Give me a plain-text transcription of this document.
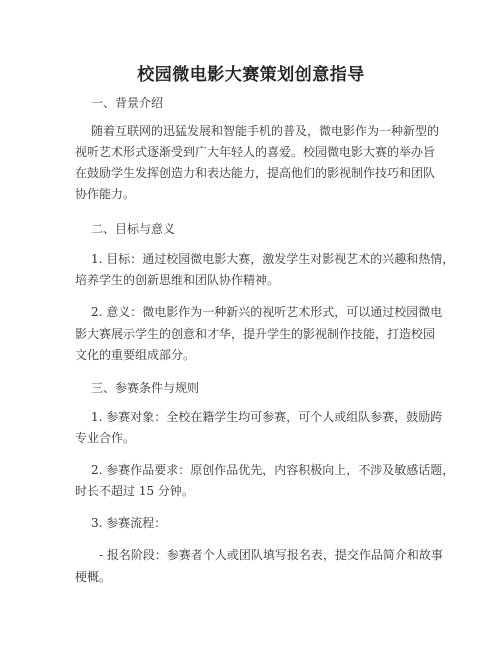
校园微电影大赛策划创意指导
一、背景介绍
随着互联网的迅猛发展和智能手机的普及，微电影作为一种新型的
视听艺术形式逐渐受到广大年轻人的喜爱。校园微电影大赛的举办旨
在鼓励学生发挥创造力和表达能力，提高他们的影视制作技巧和团队
协作能力。
二、目标与意义
1. 目标：通过校园微电影大赛，激发学生对影视艺术的兴趣和热情，
培养学生的创新思维和团队协作精神。
2. 意义：微电影作为一种新兴的视听艺术形式，可以通过校园微电
影大赛展示学生的创意和才华，提升学生的影视制作技能，打造校园
文化的重要组成部分。
三、参赛条件与规则
1. 参赛对象：全校在籍学生均可参赛，可个人或组队参赛，鼓励跨
专业合作。
2. 参赛作品要求：原创作品优先，内容积极向上，不涉及敏感话题，
时长不超过 15 分钟。
3. 参赛流程：
- 报名阶段：参赛者个人或团队填写报名表，提交作品简介和故事
梗概。
